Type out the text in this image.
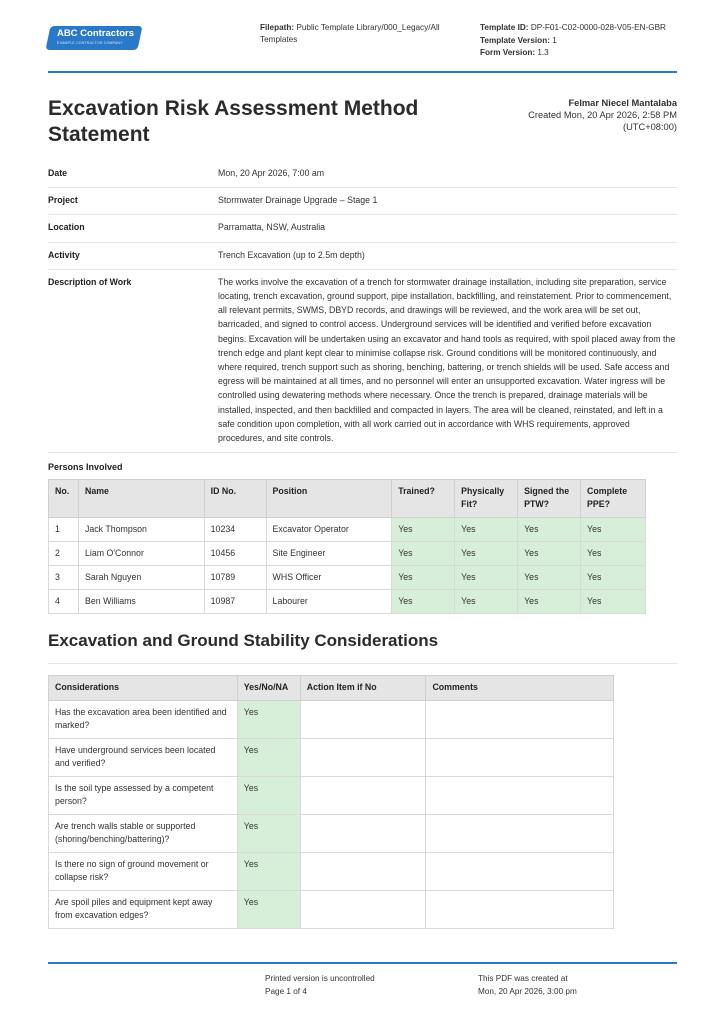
ABC Contractors
EXAMPLE CONTRACTOR COMPANY
Filepath: Public Template Library/000_Legacy/All Templates
Template ID: DP-F01-C02-0000-028-V05-EN-GBR
Template Version: 1
Form Version: 1.3
Excavation Risk Assessment Method Statement
Felmar Niecel Mantalaba
Created Mon, 20 Apr 2026, 2:58 PM
(UTC+08:00)
Date	Mon, 20 Apr 2026, 7:00 am
Project	Stormwater Drainage Upgrade – Stage 1
Location	Parramatta, NSW, Australia
Activity	Trench Excavation (up to 2.5m depth)
Description of Work	The works involve the excavation of a trench for stormwater drainage installation, including site preparation, service locating, trench excavation, ground support, pipe installation, backfilling, and reinstatement. Prior to commencement, all relevant permits, SWMS, DBYD records, and drawings will be reviewed, and the work area will be set out, barricaded, and signed to control access. Underground services will be identified and verified before excavation begins. Excavation will be undertaken using an excavator and hand tools as required, with spoil placed away from the trench edge and plant kept clear to minimise collapse risk. Ground conditions will be monitored continuously, and where required, trench support such as shoring, benching, battering, or trench shields will be used. Safe access and egress will be maintained at all times, and no personnel will enter an unsupported excavation. Water ingress will be controlled using dewatering methods where necessary. Once the trench is prepared, drainage materials will be installed, inspected, and then backfilled and compacted in layers. The area will be cleaned, reinstated, and left in a safe condition upon completion, with all work carried out in accordance with WHS requirements, approved procedures, and site controls.
Persons Involved
No.	Name	ID No.	Position	Trained?	Physically Fit?	Signed the PTW?	Complete PPE?
1	Jack Thompson	10234	Excavator Operator	Yes	Yes	Yes	Yes
2	Liam O'Connor	10456	Site Engineer	Yes	Yes	Yes	Yes
3	Sarah Nguyen	10789	WHS Officer	Yes	Yes	Yes	Yes
4	Ben Williams	10987	Labourer	Yes	Yes	Yes	Yes
Excavation and Ground Stability Considerations
Considerations	Yes/No/NA	Action Item if No	Comments
Has the excavation area been identified and marked?	Yes		
Have underground services been located and verified?	Yes		
Is the soil type assessed by a competent person?	Yes		
Are trench walls stable or supported (shoring/benching/battering)?	Yes		
Is there no sign of ground movement or collapse risk?	Yes		
Are spoil piles and equipment kept away from excavation edges?	Yes		
Printed version is uncontrolled
Page 1 of 4
This PDF was created at
Mon, 20 Apr 2026, 3:00 pm
